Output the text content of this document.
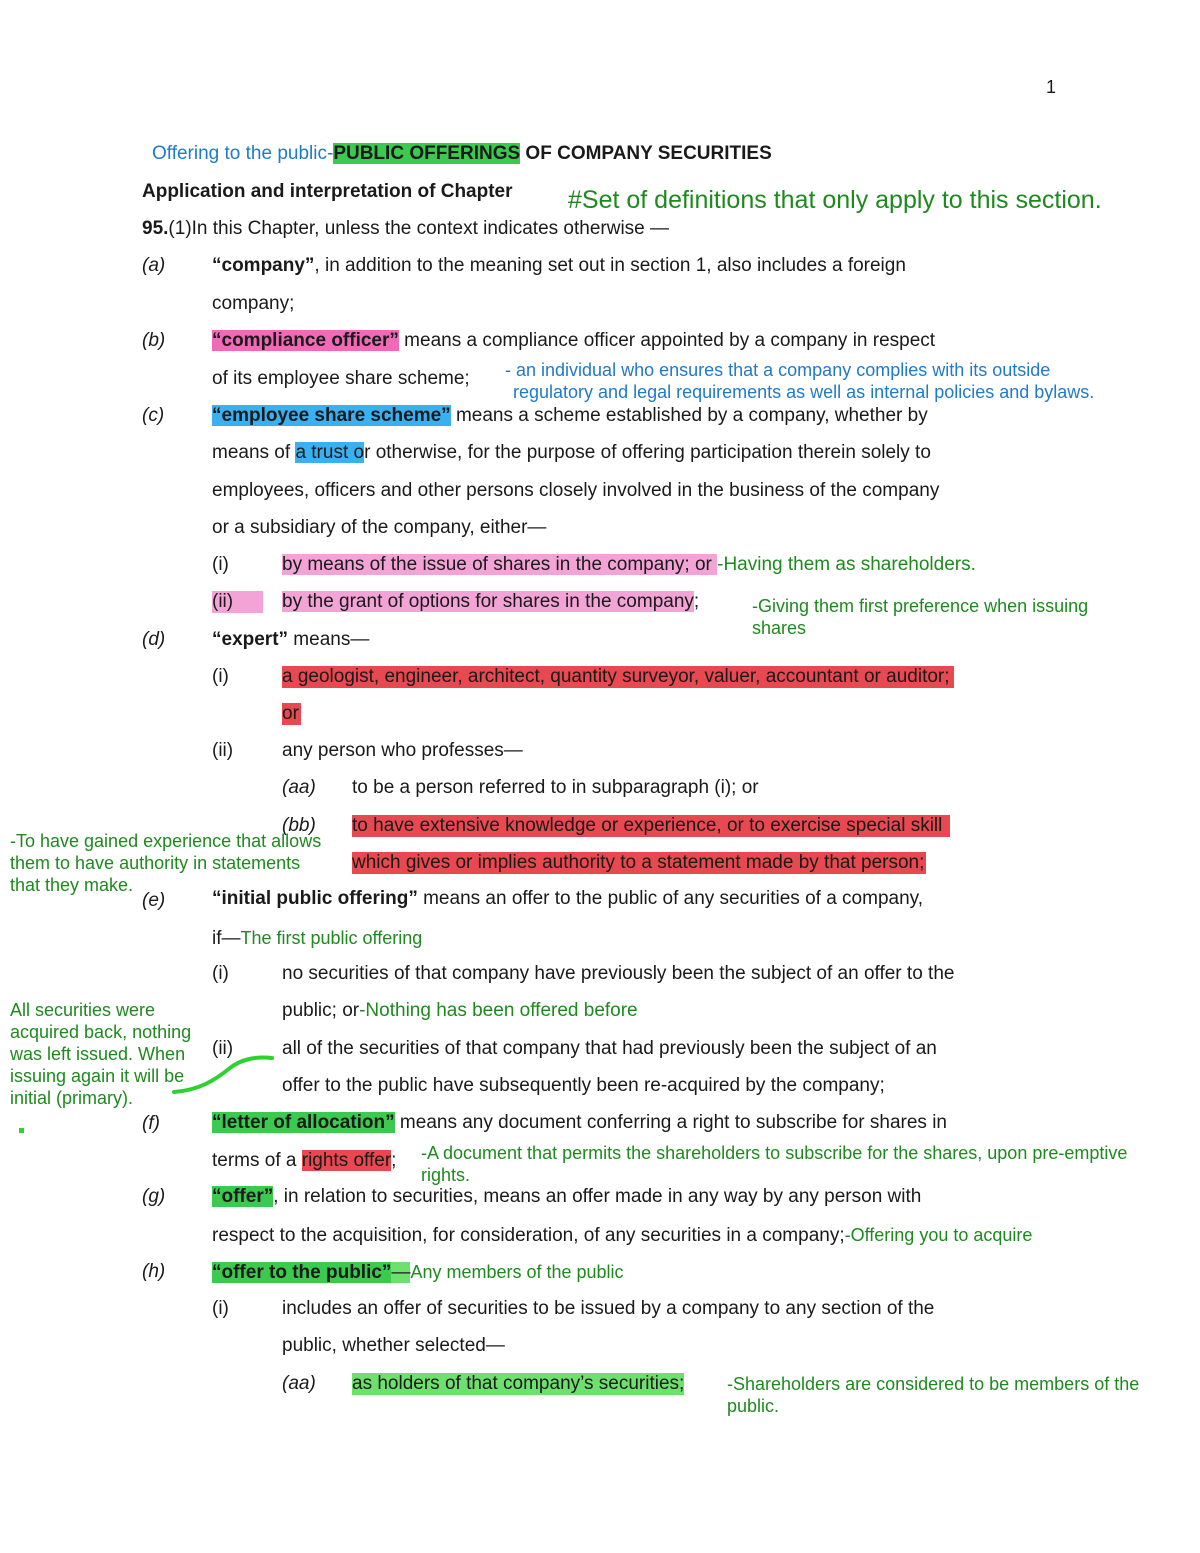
1
Offering to the public-PUBLIC OFFERINGS OF COMPANY SECURITIES
Application and interpretation of Chapter #Set of definitions that only apply to this section.
95.(1)In this Chapter, unless the context indicates otherwise —
(a) “company”, in addition to the meaning set out in section 1, also includes a foreign
company;
(b) “compliance officer” means a compliance officer appointed by a company in respect
of its employee share scheme; - an individual who ensures that a company complies with its outside
regulatory and legal requirements as well as internal policies and bylaws.
(c)	“employee share scheme” means a scheme established by a company, whether by
means of a trust or otherwise, for the purpose of offering participation therein solely to
employees, officers and other persons closely involved in the business of the company
or a subsidiary of the company, either—
(i)	by means of the issue of shares in the company; or -Having them as shareholders.
(ii)	by the grant of options for shares in the company;	-Giving them first preference when issuing
shares
(d) “expert” means—
(i)	a geologist, engineer, architect, quantity surveyor, valuer, accountant or auditor;
or
(ii)	any person who professes—
(aa) to be a person referred to in subparagraph (i); or
(bb) to have extensive knowledge or experience, or to exercise special skill
which gives or implies authority to a statement made by that person;
-To have gained experience that allows
them to have authority in statements
that they make.
(e) “initial public offering” means an offer to the public of any securities of a company,
if—The first public offering
(i)	no securities of that company have previously been the subject of an offer to the
public; or-Nothing has been offered before
(ii)	all of the securities of that company that had previously been the subject of an
offer to the public have subsequently been re-acquired by the company;
All securities were
acquired back, nothing
was left issued. When
issuing again it will be
initial (primary).
(f)	“letter of allocation” means any document conferring a right to subscribe for shares in
terms of a rights offer; -A document that permits the shareholders to subscribe for the shares, upon pre-emptive
rights.
(g) “offer”, in relation to securities, means an offer made in any way by any person with
respect to the acquisition, for consideration, of any securities in a company;-Offering you to acquire
(h) “offer to the public”—Any members of the public
(i)	includes an offer of securities to be issued by a company to any section of the
public, whether selected—
(aa) as holders of that company’s securities; -Shareholders are considered to be members of the
public.
